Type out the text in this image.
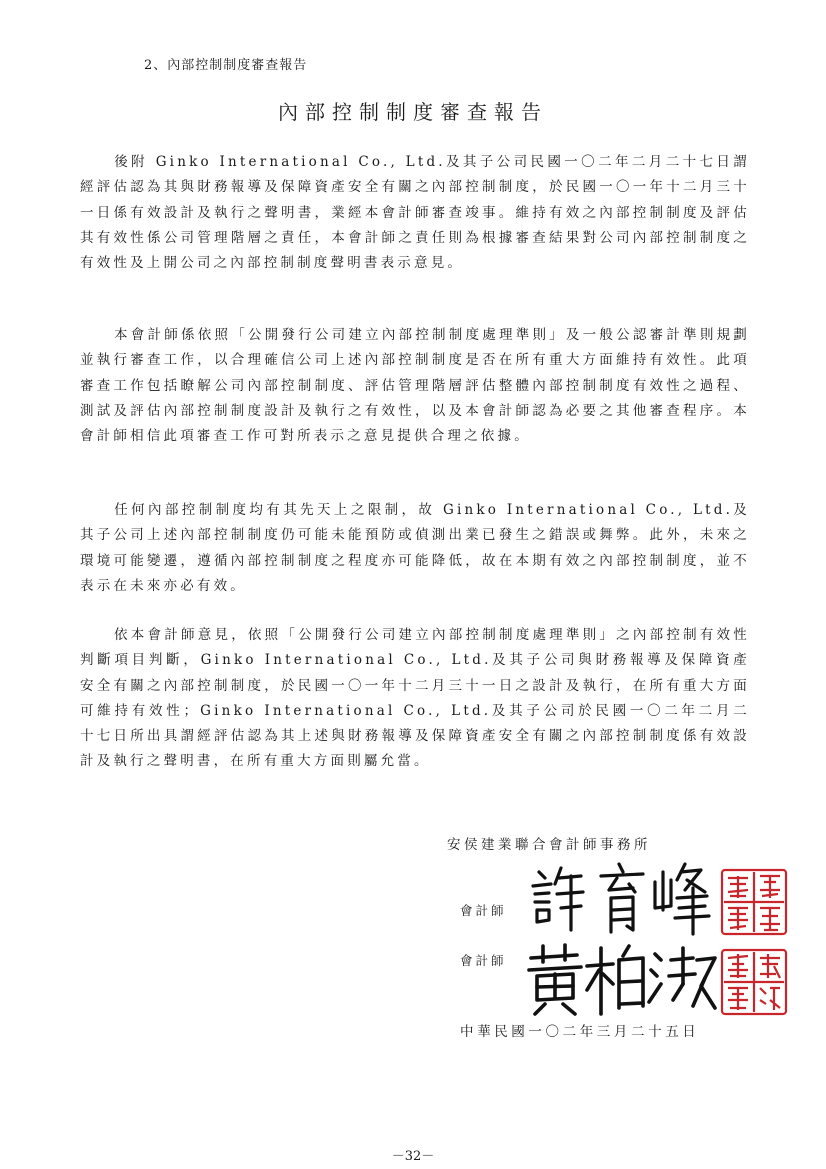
2、內部控制制度審查報告
內部控制制度審查報告

後附 Ginko International Co., Ltd.及其子公司民國一〇二年二月二十七日謂經評估認為其與財務報導及保障資產安全有關之內部控制制度，於民國一〇一年十二月三十一日係有效設計及執行之聲明書，業經本會計師審查竣事。維持有效之內部控制制度及評估其有效性係公司管理階層之責任，本會計師之責任則為根據審查結果對公司內部控制制度之有效性及上開公司之內部控制制度聲明書表示意見。

本會計師係依照「公開發行公司建立內部控制制度處理準則」及一般公認審計準則規劃並執行審查工作，以合理確信公司上述內部控制制度是否在所有重大方面維持有效性。此項審查工作包括瞭解公司內部控制制度、評估管理階層評估整體內部控制制度有效性之過程、測試及評估內部控制制度設計及執行之有效性，以及本會計師認為必要之其他審查程序。本會計師相信此項審查工作可對所表示之意見提供合理之依據。

任何內部控制制度均有其先天上之限制，故 Ginko International Co., Ltd.及其子公司上述內部控制制度仍可能未能預防或偵測出業已發生之錯誤或舞弊。此外，未來之環境可能變遷，遵循內部控制制度之程度亦可能降低，故在本期有效之內部控制制度，並不表示在未來亦必有效。

依本會計師意見，依照「公開發行公司建立內部控制制度處理準則」之內部控制有效性判斷項目判斷，Ginko International Co., Ltd.及其子公司與財務報導及保障資產安全有關之內部控制制度，於民國一〇一年十二月三十一日之設計及執行，在所有重大方面可維持有效性；Ginko International Co., Ltd.及其子公司於民國一〇二年二月二十七日所出具謂經評估認為其上述與財務報導及保障資產安全有關之內部控制制度係有效設計及執行之聲明書，在所有重大方面則屬允當。

安侯建業聯合會計師事務所
會計師
會計師
中華民國一〇二年三月二十五日
－32－
